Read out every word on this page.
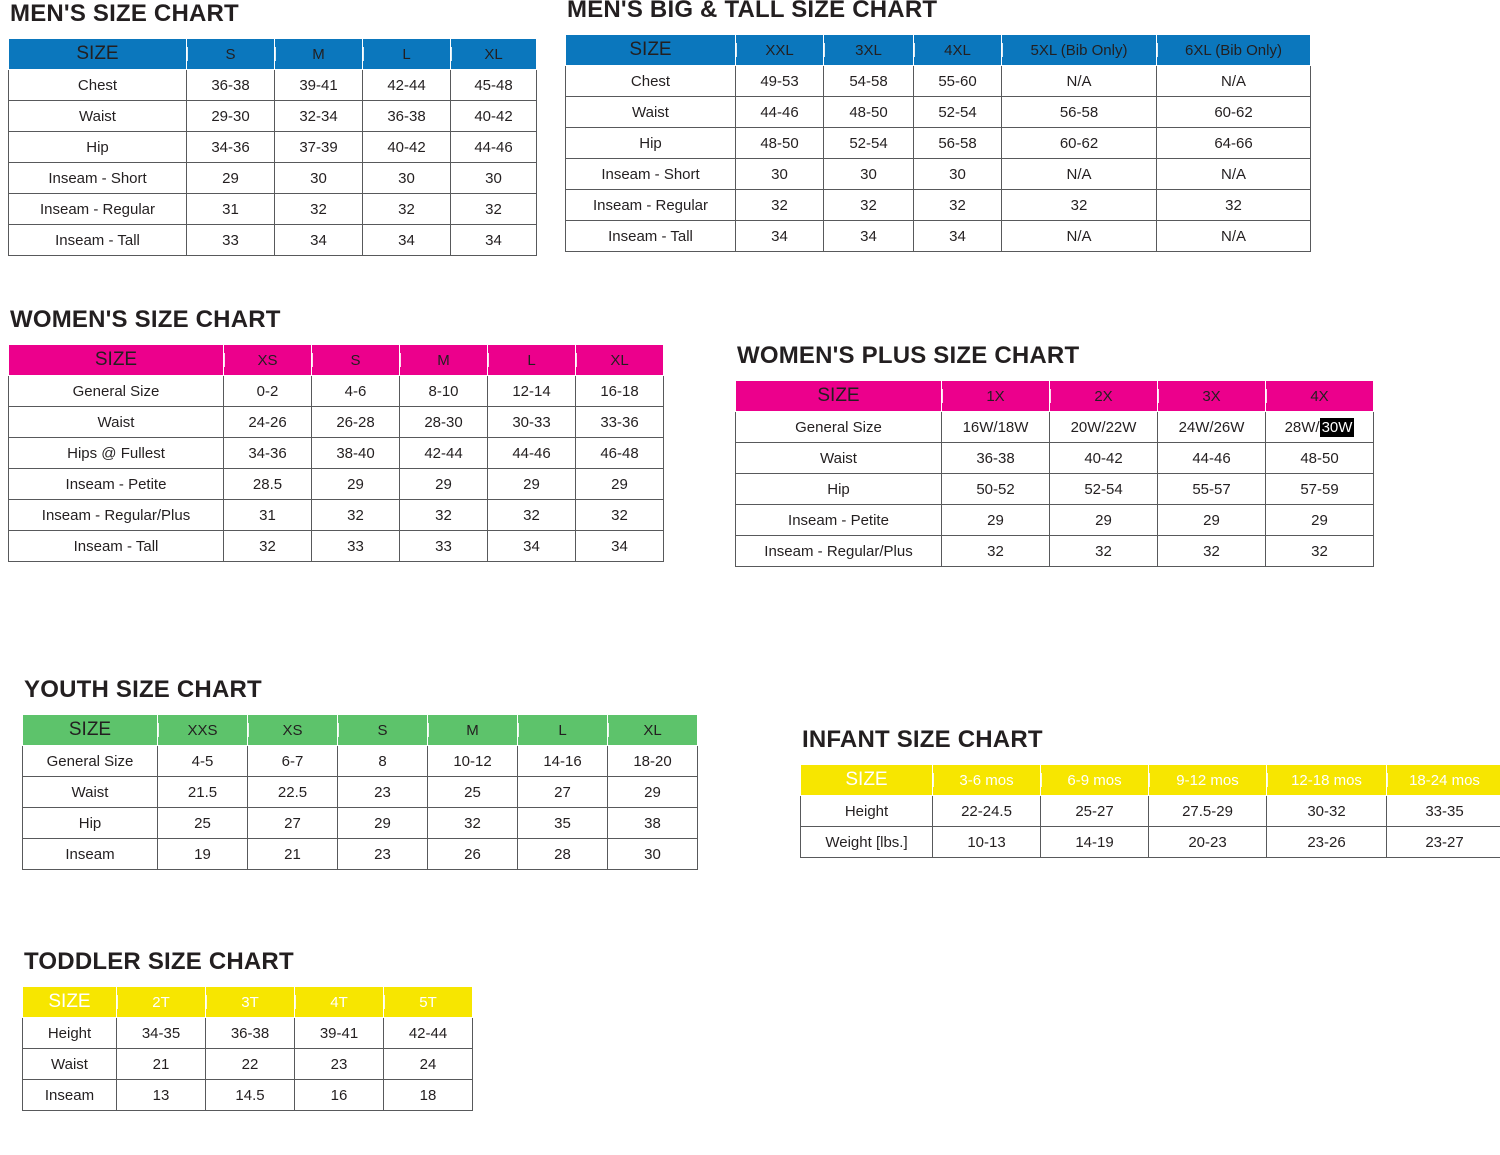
MEN'S SIZE CHART
SIZE	S	M	L	XL
Chest	36-38	39-41	42-44	45-48
Waist	29-30	32-34	36-38	40-42
Hip	34-36	37-39	40-42	44-46
Inseam - Short	29	30	30	30
Inseam - Regular	31	32	32	32
Inseam - Tall	33	34	34	34
MEN'S BIG & TALL SIZE CHART
SIZE	XXL	3XL	4XL	5XL (Bib Only)	6XL (Bib Only)
Chest	49-53	54-58	55-60	N/A	N/A
Waist	44-46	48-50	52-54	56-58	60-62
Hip	48-50	52-54	56-58	60-62	64-66
Inseam - Short	30	30	30	N/A	N/A
Inseam - Regular	32	32	32	32	32
Inseam - Tall	34	34	34	N/A	N/A
WOMEN'S SIZE CHART
SIZE	XS	S	M	L	XL
General Size	0-2	4-6	8-10	12-14	16-18
Waist	24-26	26-28	28-30	30-33	33-36
Hips @ Fullest	34-36	38-40	42-44	44-46	46-48
Inseam - Petite	28.5	29	29	29	29
Inseam - Regular/Plus	31	32	32	32	32
Inseam - Tall	32	33	33	34	34
WOMEN'S PLUS SIZE CHART
SIZE	1X	2X	3X	4X
General Size	16W/18W	20W/22W	24W/26W	28W/ 30W
Waist	36-38	40-42	44-46	48-50
Hip	50-52	52-54	55-57	57-59
Inseam - Petite	29	29	29	29
Inseam - Regular/Plus	32	32	32	32
YOUTH SIZE CHART
SIZE	XXS	XS	S	M	L	XL
General Size	4-5	6-7	8	10-12	14-16	18-20
Waist	21.5	22.5	23	25	27	29
Hip	25	27	29	32	35	38
Inseam	19	21	23	26	28	30
INFANT SIZE CHART
SIZE	3-6 mos	6-9 mos	9-12 mos	12-18 mos	18-24 mos
Height	22-24.5	25-27	27.5-29	30-32	33-35
Weight [lbs.]	10-13	14-19	20-23	23-26	23-27
TODDLER SIZE CHART
SIZE	2T	3T	4T	5T
Height	34-35	36-38	39-41	42-44
Waist	21	22	23	24
Inseam	13	14.5	16	18
